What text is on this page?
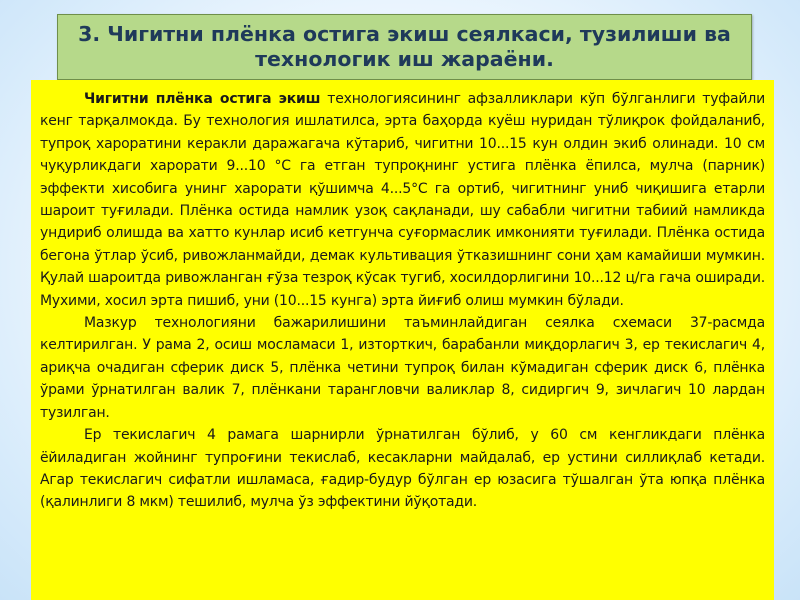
3. Чигитни плёнка остига экиш сеялкаси, тузилиши ва
технологик иш жараёни.

Чигитни плёнка остига экиш технологиясининг афзалликлари кўп бўлганлиги туфайли кенг тарқалмокда. Бу технология ишлатилса, эрта баҳорда куёш нуридан тўлиқрок фойдаланиб, тупроқ хароратини керакли даражагача кўтариб, чигитни 10...15 кун олдин экиб олинади. 10 см чуқурликдаги харорати 9...10 °С га етган тупроқнинг устига плёнка ёпилса, мулча (парник) эффекти хисобига унинг харорати қўшимча 4...5°С га ортиб, чигитнинг униб чиқишига етарли шароит туғилади. Плёнка остида намлик узоқ сақланади, шу сабабли чигитни табиий намликда ундириб олишда ва хатто кунлар исиб кетгунча суғормаслик имконияти туғилади. Плёнка остида бегона ўтлар ўсиб, ривожланмайди, демак культивация ўтказишнинг сони ҳам камайиши мумкин. Қулай шароитда ривожланган ғўза тезроқ кўсак тугиб, хосилдорлигини 10...12 ц/га гача оширади. Мухими, хосил эрта пишиб, уни (10...15 кунга) эрта йиғиб олиш мумкин бўлади.

Мазкур технологияни бажарилишини таъминлайдиган сеялка схемаси 37-расмда келтирилган. У рама 2, осиш мосламаси 1, изторткич, барабанли миқдорлагич 3, ер текислагич 4, ариқча очадиган сферик диск 5, плёнка четини тупроқ билан кўмадиган сферик диск 6, плёнка ўрами ўрнатилган валик 7, плёнкани тарангловчи валиклар 8, сидиргич 9, зичлагич 10 лардан тузилган.

Ер текислагич 4 рамага шарнирли ўрнатилган бўлиб, у 60 см кенгликдаги плёнка ёйиладиган жойнинг тупроғини текислаб, кесакларни майдалаб, ер устини силлиқлаб кетади. Агар текислагич сифатли ишламаса, ғадир-будур бўлган ер юзасига тўшалган ўта юпқа плёнка (қалинлиги 8 мкм) тешилиб, мулча ўз эффектини йўқотади.
